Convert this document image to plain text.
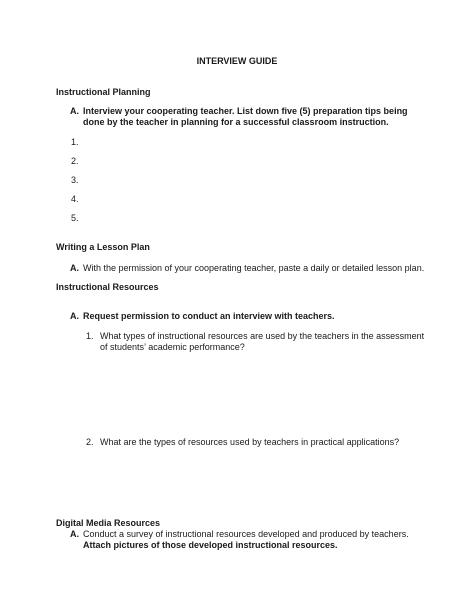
INTERVIEW GUIDE
Instructional Planning
A. Interview your cooperating teacher. List down five (5) preparation tips being done by the teacher in planning for a successful classroom instruction.
1.
2.
3.
4.
5.
Writing a Lesson Plan
A. With the permission of your cooperating teacher, paste a daily or detailed lesson plan.
Instructional Resources
A. Request permission to conduct an interview with teachers.
1. What types of instructional resources are used by the teachers in the assessment of students’ academic performance?
2. What are the types of resources used by teachers in practical applications?
Digital Media Resources
A. Conduct a survey of instructional resources developed and produced by teachers. Attach pictures of those developed instructional resources.
